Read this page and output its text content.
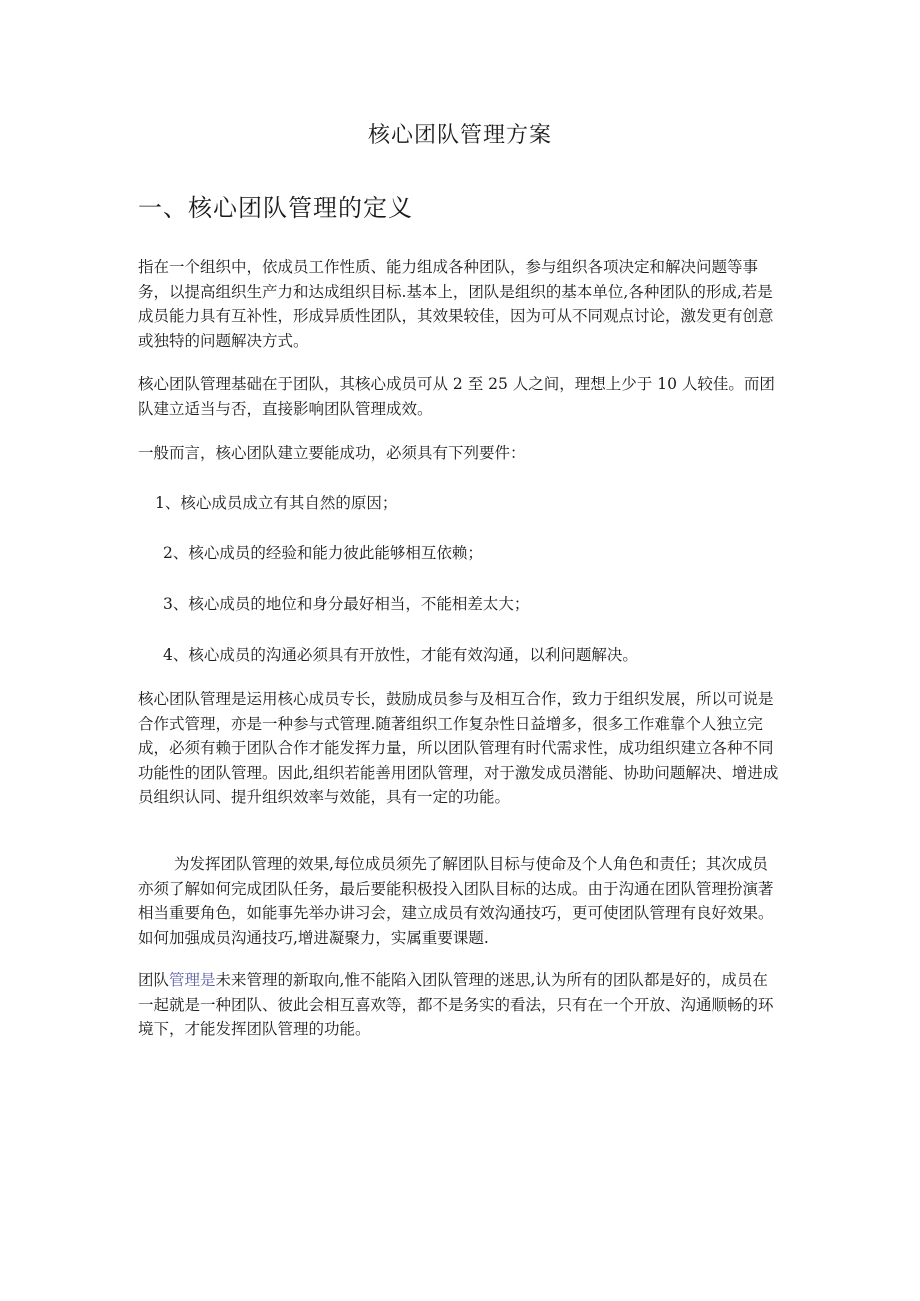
核心团队管理方案
一、核心团队管理的定义

指在一个组织中，依成员工作性质、能力组成各种团队，参与组织各项决定和解决问题等事务，以提高组织生产力和达成组织目标.基本上，团队是组织的基本单位,各种团队的形成,若是成员能力具有互补性，形成异质性团队，其效果较佳，因为可从不同观点讨论，激发更有创意或独特的问题解决方式。

核心团队管理基础在于团队，其核心成员可从 2 至 25 人之间，理想上少于 10 人较佳。而团队建立适当与否，直接影响团队管理成效。

一般而言，核心团队建立要能成功，必须具有下列要件：

1、核心成员成立有其自然的原因；
2、核心成员的经验和能力彼此能够相互依赖；
3、核心成员的地位和身分最好相当，不能相差太大；
4、核心成员的沟通必须具有开放性，才能有效沟通，以利问题解决。

核心团队管理是运用核心成员专长，鼓励成员参与及相互合作，致力于组织发展，所以可说是合作式管理，亦是一种参与式管理.随著组织工作复杂性日益增多，很多工作难靠个人独立完成，必须有赖于团队合作才能发挥力量，所以团队管理有时代需求性，成功组织建立各种不同功能性的团队管理。因此,组织若能善用团队管理，对于激发成员潜能、协助问题解决、增进成员组织认同、提升组织效率与效能，具有一定的功能。

为发挥团队管理的效果,每位成员须先了解团队目标与使命及个人角色和责任；其次成员亦须了解如何完成团队任务，最后要能积极投入团队目标的达成。由于沟通在团队管理扮演著相当重要角色，如能事先举办讲习会，建立成员有效沟通技巧，更可使团队管理有良好效果。如何加强成员沟通技巧,增进凝聚力，实属重要课题.

团队管理是未来管理的新取向,惟不能陷入团队管理的迷思,认为所有的团队都是好的，成员在一起就是一种团队、彼此会相互喜欢等，都不是务实的看法，只有在一个开放、沟通顺畅的环境下，才能发挥团队管理的功能。
